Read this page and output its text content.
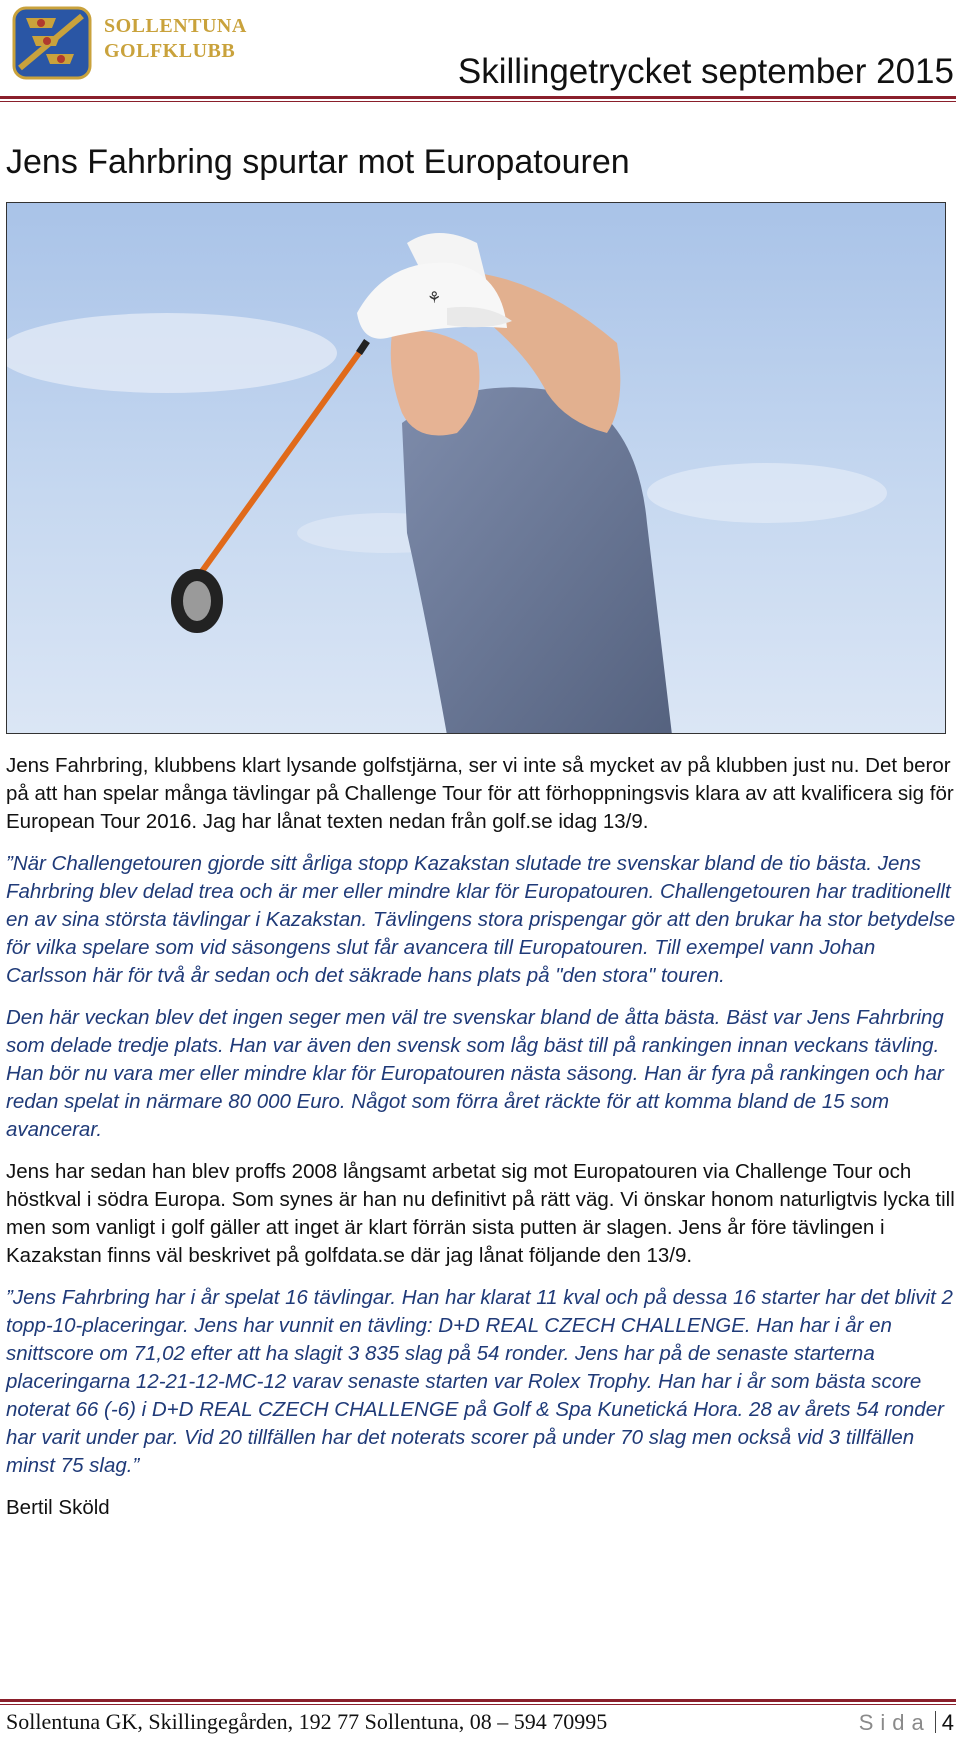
SOLLENTUNA
GOLFKLUBB
Skillingetrycket september 2015
Jens Fahrbring spurtar mot Europatouren
⚘

Jens Fahrbring, klubbens klart lysande golfstjärna, ser vi inte så mycket av på klubben just nu. Det beror på att han spelar många tävlingar på Challenge Tour för att förhoppningsvis klara av att kvalificera sig för European Tour 2016. Jag har lånat texten nedan från golf.se idag 13/9.

”När Challengetouren gjorde sitt årliga stopp Kazakstan slutade tre svenskar bland de tio bästa. Jens Fahrbring blev delad trea och är mer eller mindre klar för Europatouren. Challengetouren har traditionellt en av sina största tävlingar i Kazakstan. Tävlingens stora prispengar gör att den brukar ha stor betydelse för vilka spelare som vid säsongens slut får avancera till Europatouren. Till exempel vann Johan Carlsson här för två år sedan och det säkrade hans plats på "den stora" touren.

Den här veckan blev det ingen seger men väl tre svenskar bland de åtta bästa. Bäst var Jens Fahrbring som delade tredje plats. Han var även den svensk som låg bäst till på rankingen innan veckans tävling. Han bör nu vara mer eller mindre klar för Europatouren nästa säsong. Han är fyra på rankingen och har redan spelat in närmare 80 000 Euro. Något som förra året räckte för att komma bland de 15 som avancerar.

Jens har sedan han blev proffs 2008 långsamt arbetat sig mot Europatouren via Challenge Tour och höstkval i södra Europa. Som synes är han nu definitivt på rätt väg. Vi önskar honom naturligtvis lycka till men som vanligt i golf gäller att inget är klart förrän sista putten är slagen. Jens år före tävlingen i Kazakstan finns väl beskrivet på golfdata.se där jag lånat följande den 13/9.

”Jens Fahrbring har i år spelat 16 tävlingar. Han har klarat 11 kval och på dessa 16 starter har det blivit 2 topp-10-placeringar. Jens har vunnit en tävling: D+D REAL CZECH CHALLENGE. Han har i år en snittscore om 71,02 efter att ha slagit 3 835 slag på 54 ronder. Jens har på de senaste starterna placeringarna 12-21-12-MC-12 varav senaste starten var Rolex Trophy. Han har i år som bästa score noterat 66 (-6) i D+D REAL CZECH CHALLENGE på Golf & Spa Kunetická Hora. 28 av årets 54 ronder har varit under par. Vid 20 tillfällen har det noterats scorer på under 70 slag men också vid 3 tillfällen minst 75 slag.”

Bertil Sköld

Sollentuna GK, Skillingegården, 192 77 Sollentuna, 08 – 594 70995	Sida 4
